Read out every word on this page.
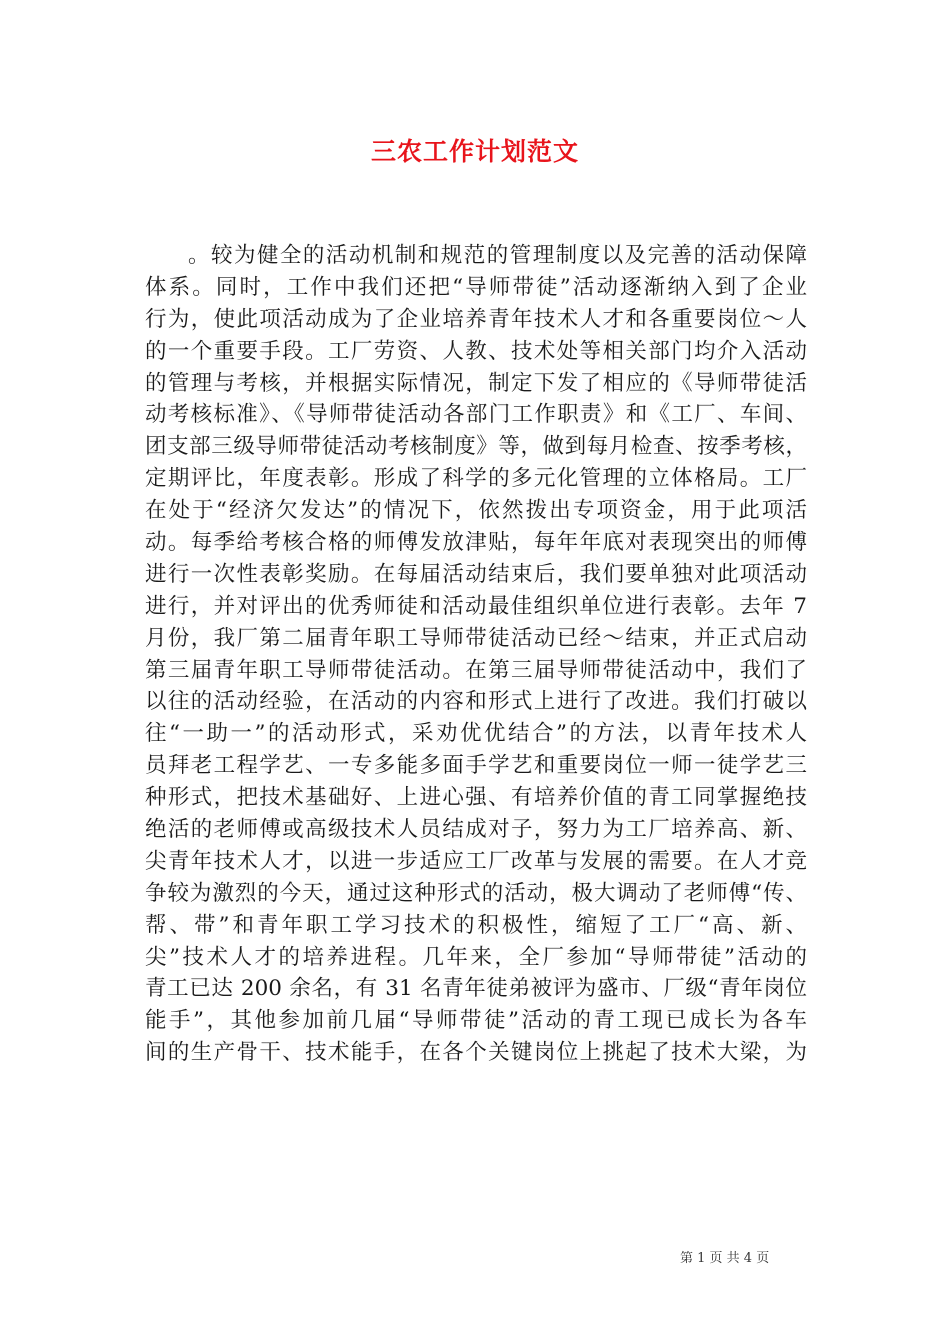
三农工作计划范文
。较为健全的活动机制和规范的管理制度以及完善的活动保障
体系。同时，工作中我们还把“导师带徒”活动逐渐纳入到了企业
行为，使此项活动成为了企业培养青年技术人才和各重要岗位～人
的一个重要手段。工厂劳资、人教、技术处等相关部门均介入活动
的管理与考核，并根据实际情况，制定下发了相应的《导师带徒活
动考核标准》、《导师带徒活动各部门工作职责》和《工厂、车间、
团支部三级导师带徒活动考核制度》等，做到每月检查、按季考核，
定期评比，年度表彰。形成了科学的多元化管理的立体格局。工厂
在处于“经济欠发达”的情况下，依然拨出专项资金，用于此项活
动。每季给考核合格的师傅发放津贴，每年年底对表现突出的师傅
进行一次性表彰奖励。在每届活动结束后，我们要单独对此项活动
进行，并对评出的优秀师徒和活动最佳组织单位进行表彰。去年 7
月份，我厂第二届青年职工导师带徒活动已经～结束，并正式启动
第三届青年职工导师带徒活动。在第三届导师带徒活动中，我们了
以往的活动经验，在活动的内容和形式上进行了改进。我们打破以
往“一助一”的活动形式，采劝优优结合”的方法，以青年技术人
员拜老工程学艺、一专多能多面手学艺和重要岗位一师一徒学艺三
种形式，把技术基础好、上进心强、有培养价值的青工同掌握绝技
绝活的老师傅或高级技术人员结成对子，努力为工厂培养高、新、
尖青年技术人才，以进一步适应工厂改革与发展的需要。在人才竞
争较为激烈的今天，通过这种形式的活动，极大调动了老师傅“传、
帮、带”和青年职工学习技术的积极性，缩短了工厂“高、新、
尖”技术人才的培养进程。几年来，全厂参加“导师带徒”活动的
青工已达 200 余名，有 31 名青年徒弟被评为盛市、厂级“青年岗位
能手”，其他参加前几届“导师带徒”活动的青工现已成长为各车
间的生产骨干、技术能手，在各个关键岗位上挑起了技术大梁，为
第 1 页 共 4 页
